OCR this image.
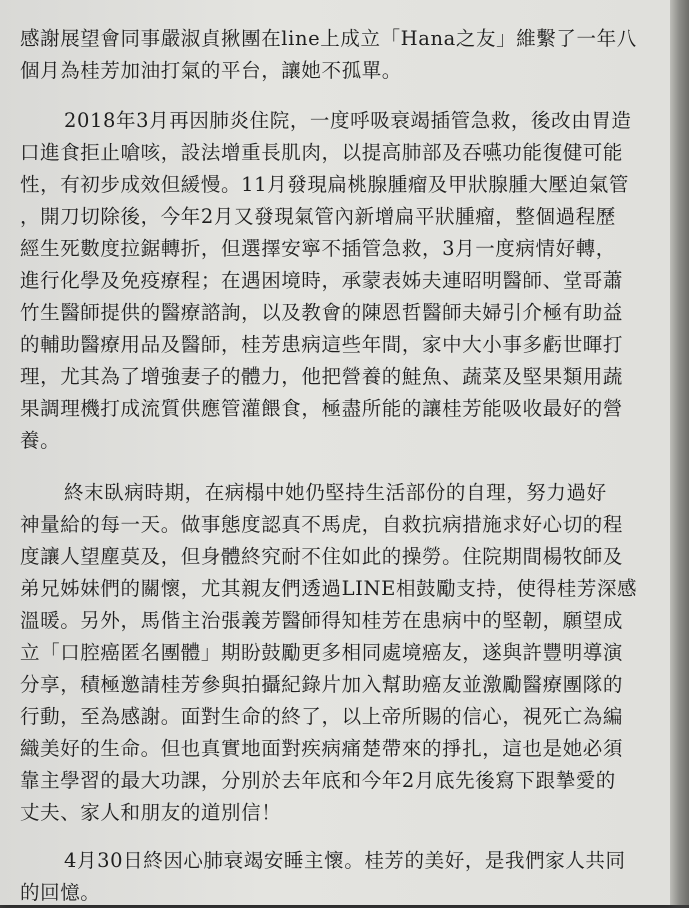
感謝展望會同事嚴淑貞揪團在line上成立「Hana之友」維繫了一年八
個月為桂芳加油打氣的平台，讓她不孤單。
2018年3月再因肺炎住院，一度呼吸衰竭插管急救，後改由胃造
口進食拒止嗆咳，設法增重長肌肉，以提高肺部及吞嚥功能復健可能
性，有初步成效但緩慢。11月發現扁桃腺腫瘤及甲狀腺腫大壓迫氣管
，開刀切除後，今年2月又發現氣管內新增扁平狀腫瘤，整個過程歷
經生死數度拉鋸轉折，但選擇安寧不插管急救，3月一度病情好轉，
進行化學及免疫療程；在遇困境時，承蒙表姊夫連昭明醫師、堂哥蕭
竹生醫師提供的醫療諮詢，以及教會的陳恩哲醫師夫婦引介極有助益
的輔助醫療用品及醫師，桂芳患病這些年間，家中大小事多虧世暉打
理，尤其為了增強妻子的體力，他把營養的鮭魚、蔬菜及堅果類用蔬
果調理機打成流質供應管灌餵食，極盡所能的讓桂芳能吸收最好的營
養。
終末臥病時期，在病榻中她仍堅持生活部份的自理，努力過好
神量給的每一天。做事態度認真不馬虎，自救抗病措施求好心切的程
度讓人望塵莫及，但身體終究耐不住如此的操勞。住院期間楊牧師及
弟兄姊妹們的關懷，尤其親友們透過LINE相鼓勵支持，使得桂芳深感
溫暖。另外，馬偕主治張義芳醫師得知桂芳在患病中的堅韌，願望成
立「口腔癌匿名團體」期盼鼓勵更多相同處境癌友，遂與許豐明導演
分享，積極邀請桂芳參與拍攝紀錄片加入幫助癌友並激勵醫療團隊的
行動，至為感謝。面對生命的終了，以上帝所賜的信心，視死亡為編
織美好的生命。但也真實地面對疾病痛楚帶來的掙扎，這也是她必須
靠主學習的最大功課，分別於去年底和今年2月底先後寫下跟摯愛的
丈夫、家人和朋友的道別信！
4月30日終因心肺衰竭安睡主懷。桂芳的美好，是我們家人共同
的回憶。
